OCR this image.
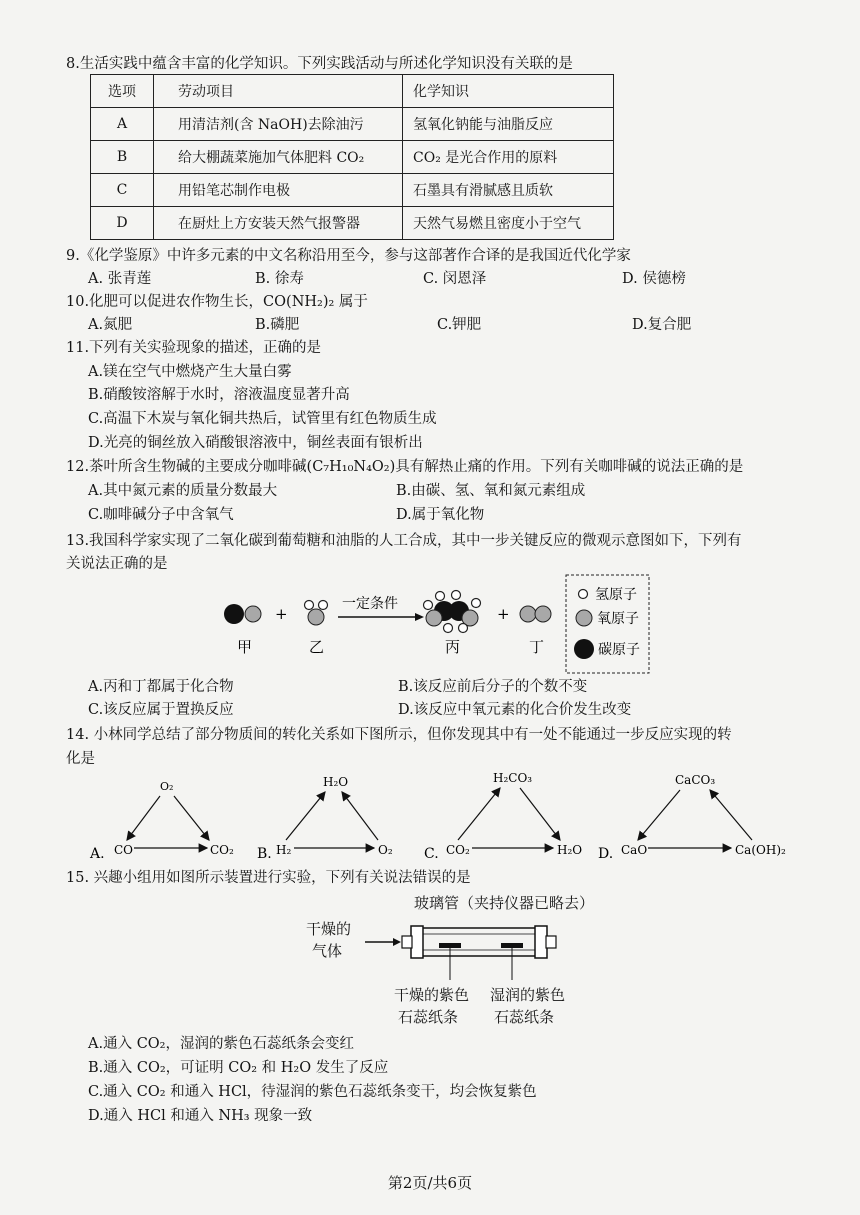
8.生活实践中蕴含丰富的化学知识。下列实践活动与所述化学知识没有关联的是
选项	劳动项目	化学知识
A	用清洁剂(含 NaOH)去除油污	氢氧化钠能与油脂反应
B	给大棚蔬菜施加气体肥料 CO₂	CO₂ 是光合作用的原料
C	用铅笔芯制作电极	石墨具有滑腻感且质软
D	在厨灶上方安装天然气报警器	天然气易燃且密度小于空气
9.《化学鉴原》中许多元素的中文名称沿用至今，参与这部著作合译的是我国近代化学家
A. 张青莲	B. 徐寿	C. 闵恩泽	D. 侯德榜
10.化肥可以促进农作物生长，CO(NH₂)₂ 属于
A.氮肥	B.磷肥	C.钾肥	D.复合肥
11.下列有关实验现象的描述，正确的是
A.镁在空气中燃烧产生大量白雾
B.硝酸铵溶解于水时，溶液温度显著升高
C.高温下木炭与氧化铜共热后，试管里有红色物质生成
D.光亮的铜丝放入硝酸银溶液中，铜丝表面有银析出
12.茶叶所含生物碱的主要成分咖啡碱(C₇H₁₀N₄O₂)具有解热止痛的作用。下列有关咖啡碱的说法正确的是
A.其中氮元素的质量分数最大	B.由碳、氢、氧和氮元素组成
C.咖啡碱分子中含氧气	D.属于氧化物
13.我国科学家实现了二氧化碳到葡萄糖和油脂的人工合成，其中一步关键反应的微观示意图如下，下列有
关说法正确的是
+
一定条件
+
甲	乙	丙	丁
氢原子
氧原子
碳原子
A.丙和丁都属于化合物	B.该反应前后分子的个数不变
C.该反应属于置换反应	D.该反应中氧元素的化合价发生改变
14. 小林同学总结了部分物质间的转化关系如下图所示，但你发现其中有一处不能通过一步反应实现的转
化是
A.
O₂
CO	CO₂ B.
H₂O
H₂	O₂ C.
H₂CO₃
CO₂	H₂O D.
CaCO₃
CaO	Ca(OH)₂
15. 兴趣小组用如图所示装置进行实验，下列有关说法错误的是
玻璃管（夹持仪器已略去）
干燥的
气体
干燥的紫色
石蕊纸条
湿润的紫色
石蕊纸条
A.通入 CO₂，湿润的紫色石蕊纸条会变红
B.通入 CO₂，可证明 CO₂ 和 H₂O 发生了反应
C.通入 CO₂ 和通入 HCl，待湿润的紫色石蕊纸条变干，均会恢复紫色
D.通入 HCl 和通入 NH₃ 现象一致
第2页/共6页
